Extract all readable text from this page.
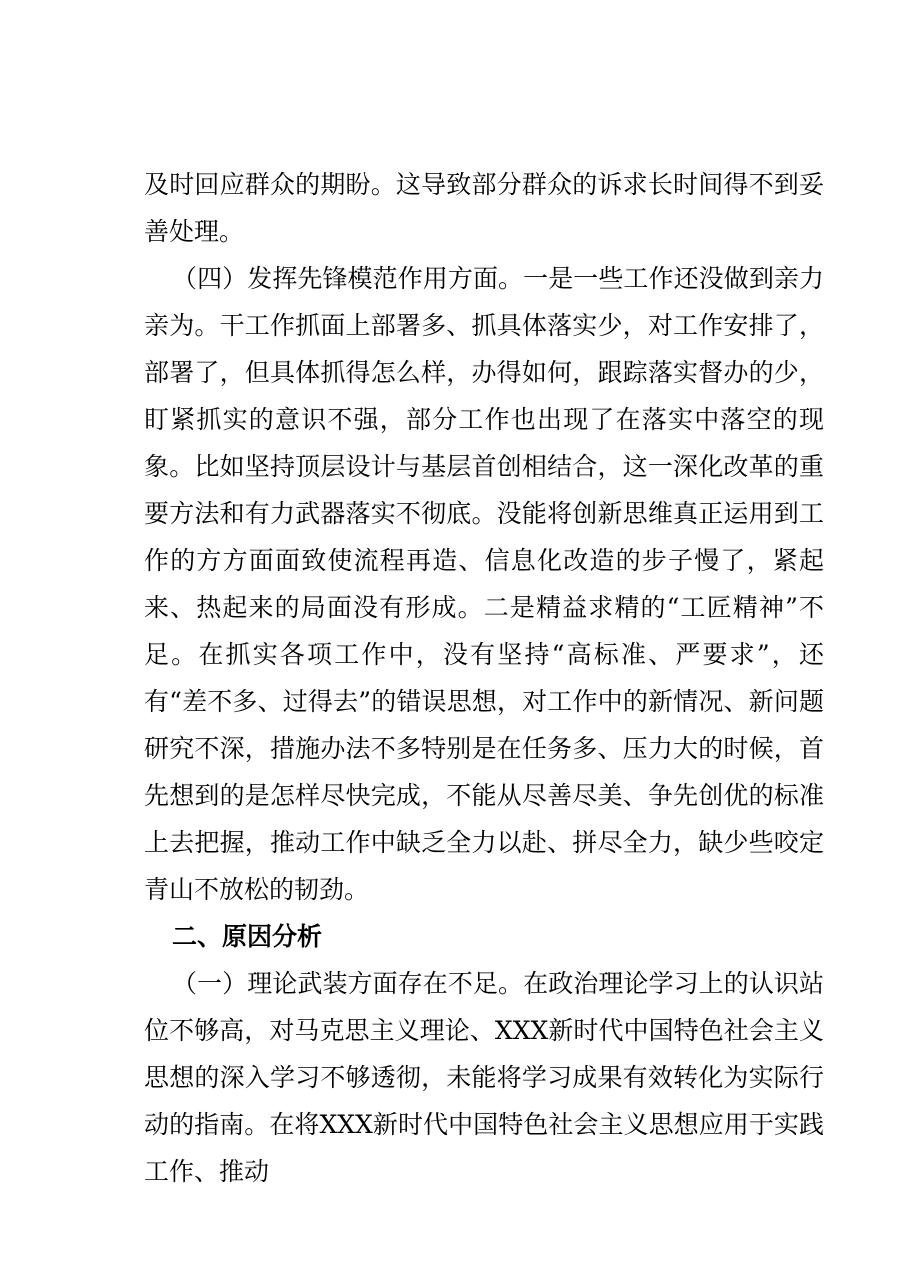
及时回应群众的期盼。这导致部分群众的诉求长时间得不到妥善处理。

（四）发挥先锋模范作用方面。一是一些工作还没做到亲力亲为。干工作抓面上部署多、抓具体落实少，对工作安排了，部署了，但具体抓得怎么样，办得如何，跟踪落实督办的少，盯紧抓实的意识不强，部分工作也出现了在落实中落空的现象。比如坚持顶层设计与基层首创相结合，这一深化改革的重要方法和有力武器落实不彻底。没能将创新思维真正运用到工作的方方面面致使流程再造、信息化改造的步子慢了，紧起来、热起来的局面没有形成。二是精益求精的“工匠精神”不足。在抓实各项工作中，没有坚持“高标准、严要求”，还有“差不多、过得去”的错误思想，对工作中的新情况、新问题研究不深，措施办法不多特别是在任务多、压力大的时候，首先想到的是怎样尽快完成，不能从尽善尽美、争先创优的标准上去把握，推动工作中缺乏全力以赴、拼尽全力，缺少些咬定青山不放松的韧劲。

二、原因分析

（一）理论武装方面存在不足。在政治理论学习上的认识站位不够高，对马克思主义理论、XXX新时代中国特色社会主义思想的深入学习不够透彻，未能将学习成果有效转化为实际行动的指南。在将XXX新时代中国特色社会主义思想应用于实践工作、推动
